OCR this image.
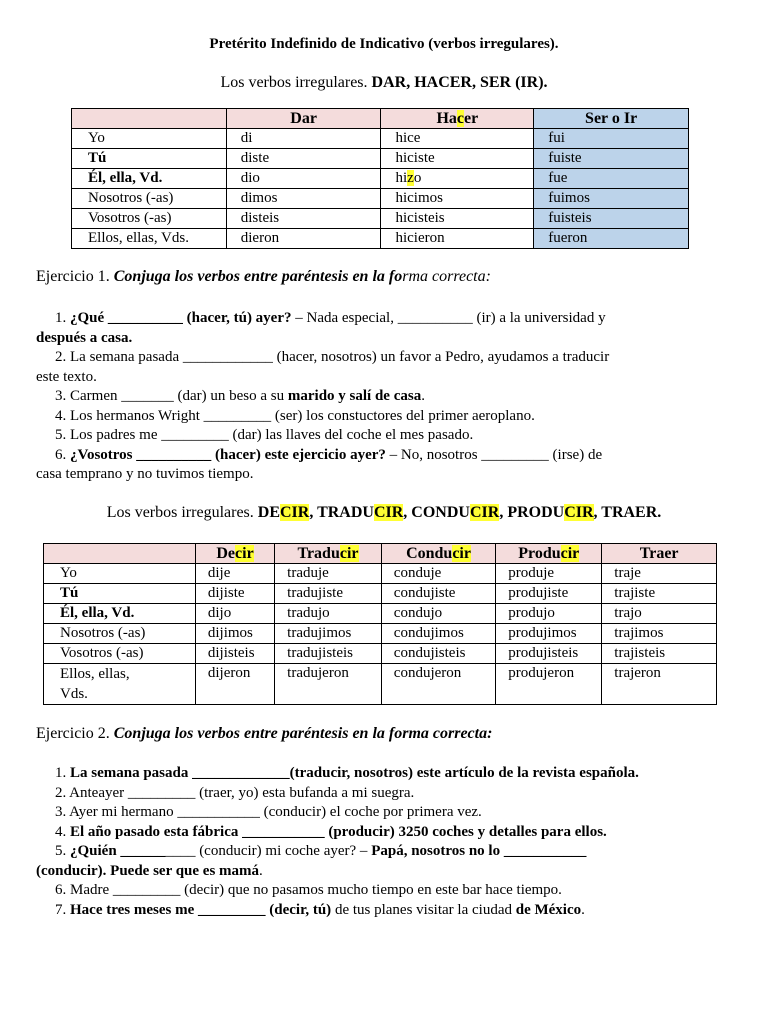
Pretérito Indefinido de Indicativo (verbos irregulares).
Los verbos irregulares. DAR, HACER, SER (IR).
	Dar	Hacer	Ser o Ir
Yo	di	hice	fui
Tú	diste	hiciste	fuiste
Él, ella, Vd.	dio	hizo	fue
Nosotros (-as)	dimos	hicimos	fuimos
Vosotros (-as)	disteis	hicisteis	fuisteis
Ellos, ellas, Vds.	dieron	hicieron	fueron
Ejercicio 1. Conjuga los verbos entre paréntesis en la forma correcta:

1. ¿Qué __________ (hacer, tú) ayer? – Nada especial, __________ (ir) a la universidad y
después a casa.

2. La semana pasada ____________ (hacer, nosotros) un favor a Pedro, ayudamos a traducir
este texto.

3. Carmen _______ (dar) un beso a su marido y salí de casa.

4. Los hermanos Wright _________ (ser) los constuctores del primer aeroplano.

5. Los padres me _________ (dar) las llaves del coche el mes pasado.

6. ¿Vosotros __________ (hacer) este ejercicio ayer? – No, nosotros _________ (irse) de
casa temprano y no tuvimos tiempo.

Los verbos irregulares. DECIR, TRADUCIR, CONDUCIR, PRODUCIR, TRAER.
	Decir	Traducir	Conducir	Producir	Traer
Yo	dije	traduje	conduje	produje	traje
Tú	dijiste	tradujiste	condujiste	produjiste	trajiste
Él, ella, Vd.	dijo	tradujo	condujo	produjo	trajo
Nosotros (-as)	dijimos	tradujimos	condujimos	produjimos	trajimos
Vosotros (-as)	dijisteis	tradujisteis	condujisteis	produjisteis	trajisteis
Ellos, ellas, Vds.	dijeron	tradujeron	condujeron	produjeron	trajeron
Ejercicio 2. Conjuga los verbos entre paréntesis en la forma correcta:

1. La semana pasada _____________(traducir, nosotros) este artículo de la revista española.

2. Anteayer _________ (traer, yo) esta bufanda a mi suegra.

3. Ayer mi hermano ___________ (conducir) el coche por primera vez.

4. El año pasado esta fábrica ___________ (producir) 3250 coches y detalles para ellos.

5. ¿Quién __________ (conducir) mi coche ayer? – Papá, nosotros no lo ___________
(conducir). Puede ser que es mamá.

6. Madre _________ (decir) que no pasamos mucho tiempo en este bar hace tiempo.

7. Hace tres meses me _________ (decir, tú) de tus planes visitar la ciudad de México.
